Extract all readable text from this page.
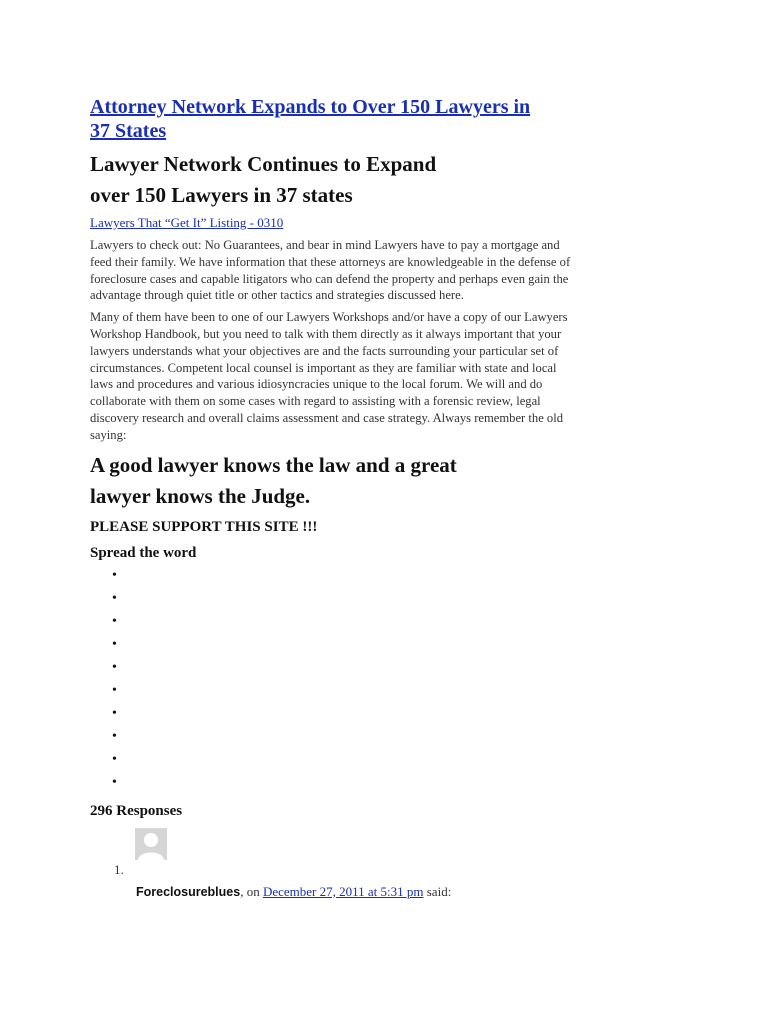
Attorney Network Expands to Over 150 Lawyers in
37 States
Lawyer Network Continues to Expand
over 150 Lawyers in 37 states
Lawyers That “Get It” Listing - 0310

Lawyers to check out: No Guarantees, and bear in mind Lawyers have to pay a mortgage and
feed their family. We have information that these attorneys are knowledgeable in the defense of
foreclosure cases and capable litigators who can defend the property and perhaps even gain the
advantage through quiet title or other tactics and strategies discussed here.

Many of them have been to one of our Lawyers Workshops and/or have a copy of our Lawyers
Workshop Handbook, but you need to talk with them directly as it always important that your
lawyers understands what your objectives are and the facts surrounding your particular set of
circumstances. Competent local counsel is important as they are familiar with state and local
laws and procedures and various idiosyncracies unique to the local forum. We will and do
collaborate with them on some cases with regard to assisting with a forensic review, legal
discovery research and overall claims assessment and case strategy. Always remember the old
saying:

A good lawyer knows the law and a great
lawyer knows the Judge.

PLEASE SUPPORT THIS SITE !!!

Spread the word
•
•
•
•
•
•
•
•
•
•
296 Responses
1.
Foreclosureblues, on December 27, 2011 at 5:31 pm said:
